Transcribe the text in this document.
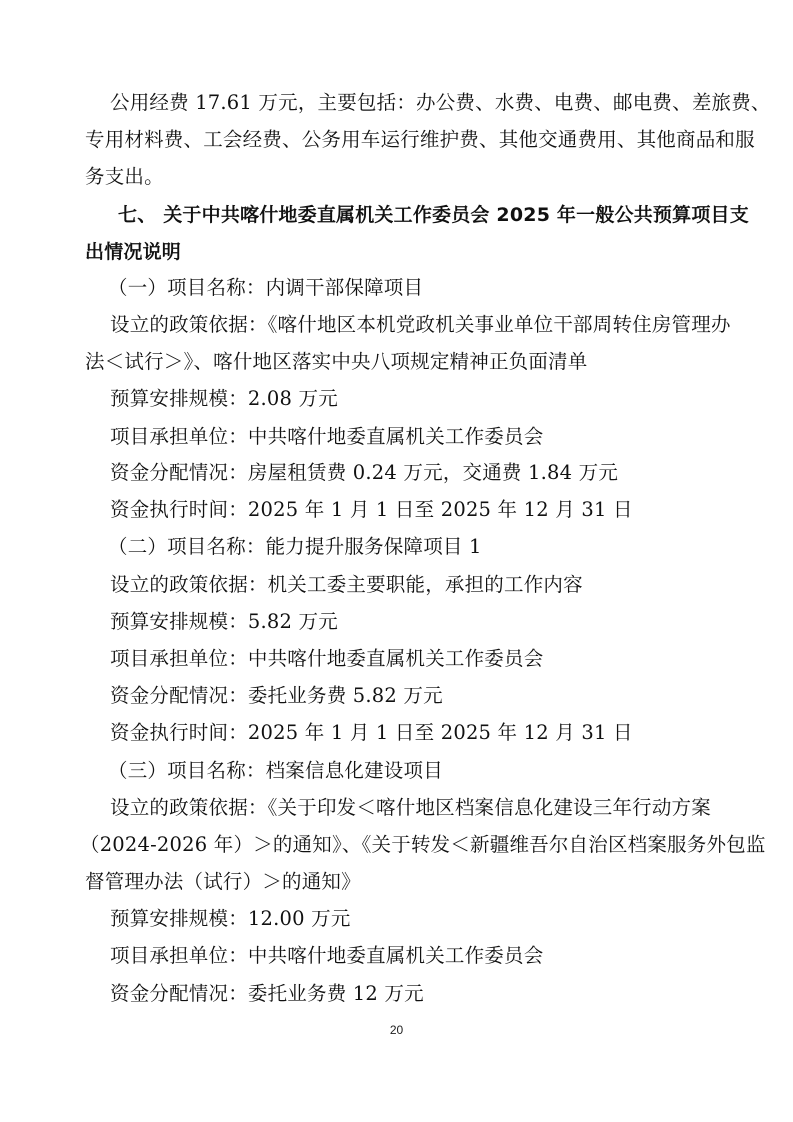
公用经费 17.61 万元，主要包括：办公费、水费、电费、邮电费、差旅费、
专用材料费、工会经费、公务用车运行维护费、其他交通费用、其他商品和服
务支出。
七、 关于中共喀什地委直属机关工作委员会 2025 年一般公共预算项目支
出情况说明
（一）项目名称：内调干部保障项目
设立的政策依据：《喀什地区本机党政机关事业单位干部周转住房管理办
法＜试行＞》、喀什地区落实中央八项规定精神正负面清单
预算安排规模：2.08 万元
项目承担单位：中共喀什地委直属机关工作委员会
资金分配情况：房屋租赁费 0.24 万元，交通费 1.84 万元
资金执行时间：2025 年 1 月 1 日至 2025 年 12 月 31 日
（二）项目名称：能力提升服务保障项目 1
设立的政策依据：机关工委主要职能，承担的工作内容
预算安排规模：5.82 万元
项目承担单位：中共喀什地委直属机关工作委员会
资金分配情况：委托业务费 5.82 万元
资金执行时间：2025 年 1 月 1 日至 2025 年 12 月 31 日
（三）项目名称：档案信息化建设项目
设立的政策依据：《关于印发＜喀什地区档案信息化建设三年行动方案
（2024-2026 年）＞的通知》、《关于转发＜新疆维吾尔自治区档案服务外包监
督管理办法（试行）＞的通知》
预算安排规模：12.00 万元
项目承担单位：中共喀什地委直属机关工作委员会
资金分配情况：委托业务费 12 万元
20
